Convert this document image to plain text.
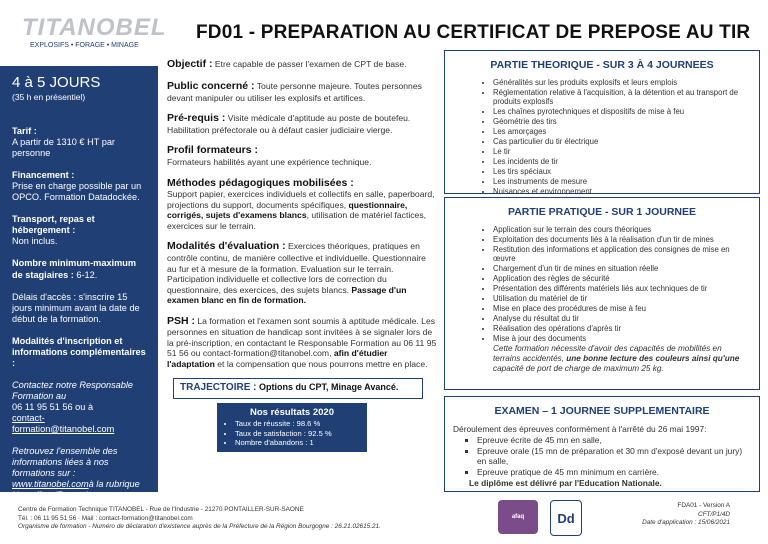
TITANOBEL
EXPLOSIFS • FORAGE • MINAGE
FD01 - PREPARATION AU CERTIFICAT DE PREPOSE AU TIR
4 à 5 JOURS
(35 h en présentiel)
Tarif :
A partir de 1310 € HT par personne
Financement :
Prise en charge possible par un OPCO. Formation Datadockée.
Transport, repas et hébergement :
Non inclus.
Nombre minimum-maximum de stagiaires : 6-12.
Délais d'accès : s'inscrire 15 jours minimum avant la date de début de la formation.
Modalités d'inscription et informations complémentaires :
Contactez notre Responsable Formation au
06 11 95 51 56 ou à
contact-formation@titanobel.com
Retrouvez l'ensemble des informations liées à nos formations sur :
www.titanobel.comà la rubrique Nos offres/Formations
Objectif : Etre capable de passer l'examen de CPT de base.
Public concerné : Toute personne majeure. Toutes personnes devant manipuler ou utiliser les explosifs et artifices.
Pré-requis : Visite médicale d'aptitude au poste de boutefeu.
Habilitation préfectorale ou à défaut casier judiciaire vierge.
Profil formateurs :
Formateurs habilités ayant une expérience technique.
Méthodes pédagogiques mobilisées :
Support papier, exercices individuels et collectifs en salle, paperboard, projections du support, documents spécifiques, questionnaire, corrigés, sujets d'examens blancs, utilisation de matériel factices, exercices sur le terrain.
Modalités d'évaluation : Exercices théoriques, pratiques en contrôle continu, de manière collective et individuelle. Questionnaire au fur et à mesure de la formation. Evaluation sur le terrain. Participation individuelle et collective lors de correction du questionnaire, des exercices, des sujets blancs. Passage d'un examen blanc en fin de formation.
PSH : La formation et l'examen sont soumis à aptitude médicale. Les personnes en situation de handicap sont invitées à se signaler lors de la pré-inscription, en contactant le Responsable Formation au 06 11 95 51 56 ou contact-formation@titanobel.com, afin d'étudier l'adaptation et la compensation que nous pourrons mettre en place.
TRAJECTOIRE : Options du CPT, Minage Avancé.
Nos résultats 2020
• Taux de réussite : 98.6 %
• Taux de satisfaction : 92.5 %
• Nombre d'abandons : 1
PARTIE THEORIQUE - SUR 3 À 4 JOURNEES
• Généralités sur les produits explosifs et leurs emplois
• Réglementation relative à l'acquisition, à la détention et au transport de produits explosifs
• Les chaînes pyrotechniques et dispositifs de mise à feu
• Géométrie des tirs
• Les amorçages
• Cas particulier du tir électrique
• Le tir
• Les incidents de tir
• Les tirs spéciaux
• Les instruments de mesure
• Nuisances et environnement
PARTIE PRATIQUE - SUR 1 JOURNEE
• Application sur le terrain des cours théoriques
• Exploitation des documents liés à la réalisation d'un tir de mines
• Restitution des informations et application des consignes de mise en œuvre
• Chargement d'un tir de mines en situation réelle
• Application des règles de sécurité
• Présentation des différents matériels liés aux techniques de tir
• Utilisation du matériel de tir
• Mise en place des procédures de mise à feu
• Analyse du résultat du tir
• Réalisation des opérations d'après tir
• Mise à jour des documents
Cette formation nécessite d'avoir des capacités de mobilités en terrains accidentés, une bonne lecture des couleurs ainsi qu'une capacité de port de charge de maximum 25 kg.
EXAMEN – 1 JOURNEE SUPPLEMENTAIRE
Déroulement des épreuves conformément à l'arrêté du 26 mai 1997:
▪ Epreuve écrite de 45 mn en salle,
▪ Epreuve orale (15 mn de préparation et 30 mn d'exposé devant un jury) en salle,
▪ Epreuve pratique de 45 mn minimum en carrière.
Le diplôme est délivré par l'Education Nationale.
Centre de Formation Technique TITANOBEL - Rue de l'Industrie - 21270 PONTAILLER-SUR-SAONE
Tél. : 06 11 95 51 56 · Mail : contact-formation@titanobel.com
Organisme de formation - Numéro de déclaration d'existence auprès de la Préfecture de la Région Bourgogne : 26.21.02615.21.
afaq	Dd
FDA01 - Version A
CFT/P1/4D
Date d'application : 15/06/2021
